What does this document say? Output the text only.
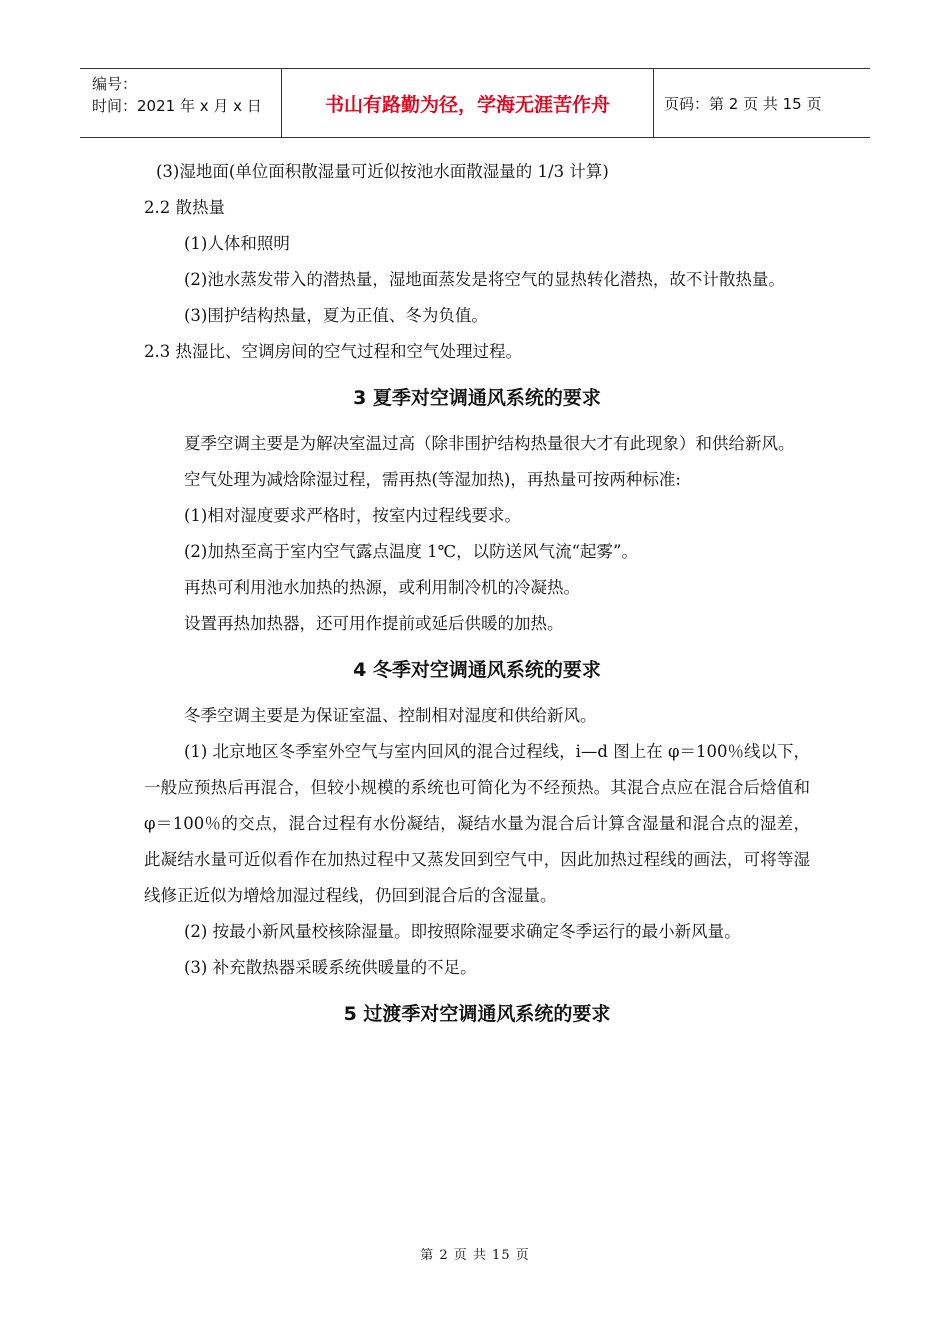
编号：
时间：2021 年 x 月 x 日	书山有路勤为径，学海无涯苦作舟	页码：第 2 页 共 15 页

(3)湿地面(单位面积散湿量可近似按池水面散湿量的 1/3 计算)

2.2 散热量

(1)人体和照明

(2)池水蒸发带入的潜热量，湿地面蒸发是将空气的显热转化潜热，故不计散热量。

(3)围护结构热量，夏为正值、冬为负值。

2.3 热湿比、空调房间的空气过程和空气处理过程。

3 夏季对空调通风系统的要求

夏季空调主要是为解决室温过高（除非围护结构热量很大才有此现象）和供给新风。

空气处理为减焓除湿过程，需再热(等湿加热)，再热量可按两种标准:

(1)相对湿度要求严格时，按室内过程线要求。

(2)加热至高于室内空气露点温度 1℃，以防送风气流“起雾”。

再热可利用池水加热的热源，或利用制冷机的冷凝热。

设置再热加热器，还可用作提前或延后供暖的加热。

4 冬季对空调通风系统的要求

冬季空调主要是为保证室温、控制相对湿度和供给新风。

(1) 北京地区冬季室外空气与室内回风的混合过程线，i—d 图上在 φ＝100％线以下，一般应预热后再混合，但较小规模的系统也可简化为不经预热。其混合点应在混合后焓值和 φ＝100％的交点，混合过程有水份凝结，凝结水量为混合后计算含湿量和混合点的湿差，此凝结水量可近似看作在加热过程中又蒸发回到空气中，因此加热过程线的画法，可将等湿线修正近似为增焓加湿过程线，仍回到混合后的含湿量。

(2) 按最小新风量校核除湿量。即按照除湿要求确定冬季运行的最小新风量。

(3) 补充散热器采暖系统供暖量的不足。

5 过渡季对空调通风系统的要求
第 2 页 共 15 页
